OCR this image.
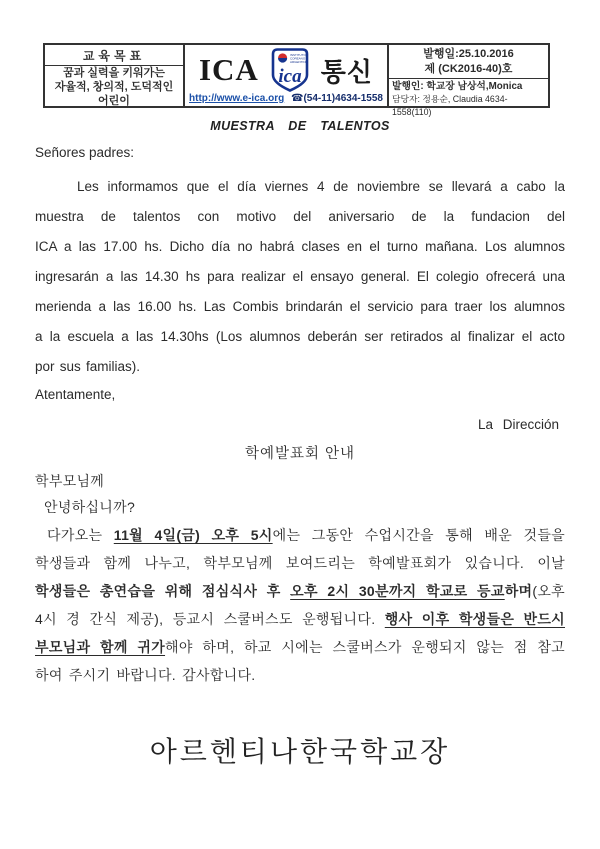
교육목표
꿈과 실력을 키워가는
자율적, 창의적, 도덕적인
어린이
ICA	INSTITUTO
COREANO
ARGENTINO
ica 통신
http://www.e-ica.org ☎(54-11)4634-1558
발행일:25.10.2016
제 (CK2016-40)호
발행인: 학교장 남상석,Monica
담당자: 정용순, Claudia 4634-1558(110)
MUESTRA DE TALENTOS
Señores padres:
Les informamos que el día viernes 4 de noviembre se llevará a cabo la
muestra de talentos con motivo del aniversario de la fundacion del
ICA a las 17.00 hs. Dicho día no habrá clases en el turno mañana. Los alumnos
ingresarán a las 14.30 hs para realizar el ensayo general. El colegio ofrecerá una
merienda a las 16.00 hs. Las Combis brindarán el servicio para traer los alumnos
a la escuela a las 14.30hs (Los alumnos deberán ser retirados al finalizar el acto
por sus familias).
Atentamente,
La Dirección
학예발표회 안내
학부모님께
안녕하십니까?
다가오는 11월 4일(금) 오후 5시에는 그동안 수업시간을 통해 배운 것들을
학생들과 함께 나누고, 학부모님께 보여드리는 학예발표회가 있습니다. 이날
학생들은 총연습을 위해 점심식사 후 오후 2시 30분까지 학교로 등교하며(오후
4시 경 간식 제공), 등교시 스쿨버스도 운행됩니다. 행사 이후 학생들은 반드시
부모님과 함께 귀가해야 하며, 하교 시에는 스쿨버스가 운행되지 않는 점 참고
하여 주시기 바랍니다. 감사합니다.
아르헨티나한국학교장
